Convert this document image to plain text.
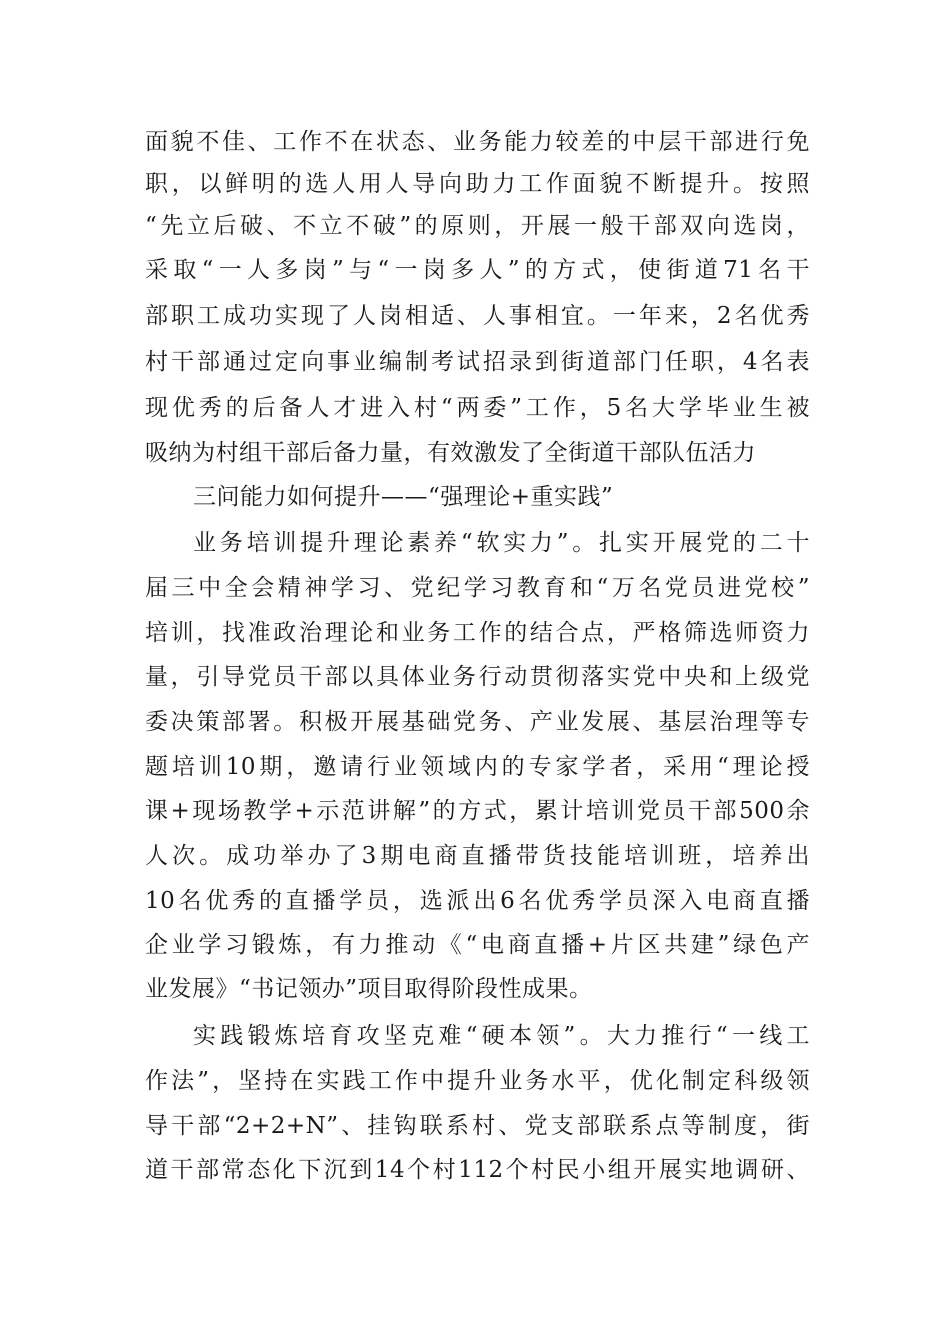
面貌不佳、工作不在状态、业务能力较差的中层干部进行免
职，以鲜明的选人用人导向助力工作面貌不断提升。按照
“先立后破、不立不破”的原则，开展一般干部双向选岗，
采取“一人多岗”与“一岗多人”的方式，使街道71名干
部职工成功实现了人岗相适、人事相宜。一年来，2名优秀
村干部通过定向事业编制考试招录到街道部门任职，4名表
现优秀的后备人才进入村“两委”工作，5名大学毕业生被
吸纳为村组干部后备力量，有效激发了全街道干部队伍活力
三问能力如何提升——“强理论+重实践”
业务培训提升理论素养“软实力”。扎实开展党的二十
届三中全会精神学习、党纪学习教育和“万名党员进党校”
培训，找准政治理论和业务工作的结合点，严格筛选师资力
量，引导党员干部以具体业务行动贯彻落实党中央和上级党
委决策部署。积极开展基础党务、产业发展、基层治理等专
题培训10期，邀请行业领域内的专家学者，采用“理论授
课+现场教学+示范讲解”的方式，累计培训党员干部500余
人次。成功举办了3期电商直播带货技能培训班，培养出
10名优秀的直播学员，选派出6名优秀学员深入电商直播
企业学习锻炼，有力推动《“电商直播+片区共建”绿色产
业发展》“书记领办”项目取得阶段性成果。
实践锻炼培育攻坚克难“硬本领”。大力推行“一线工
作法”，坚持在实践工作中提升业务水平，优化制定科级领
导干部“2+2+N”、挂钩联系村、党支部联系点等制度，街
道干部常态化下沉到14个村112个村民小组开展实地调研、
